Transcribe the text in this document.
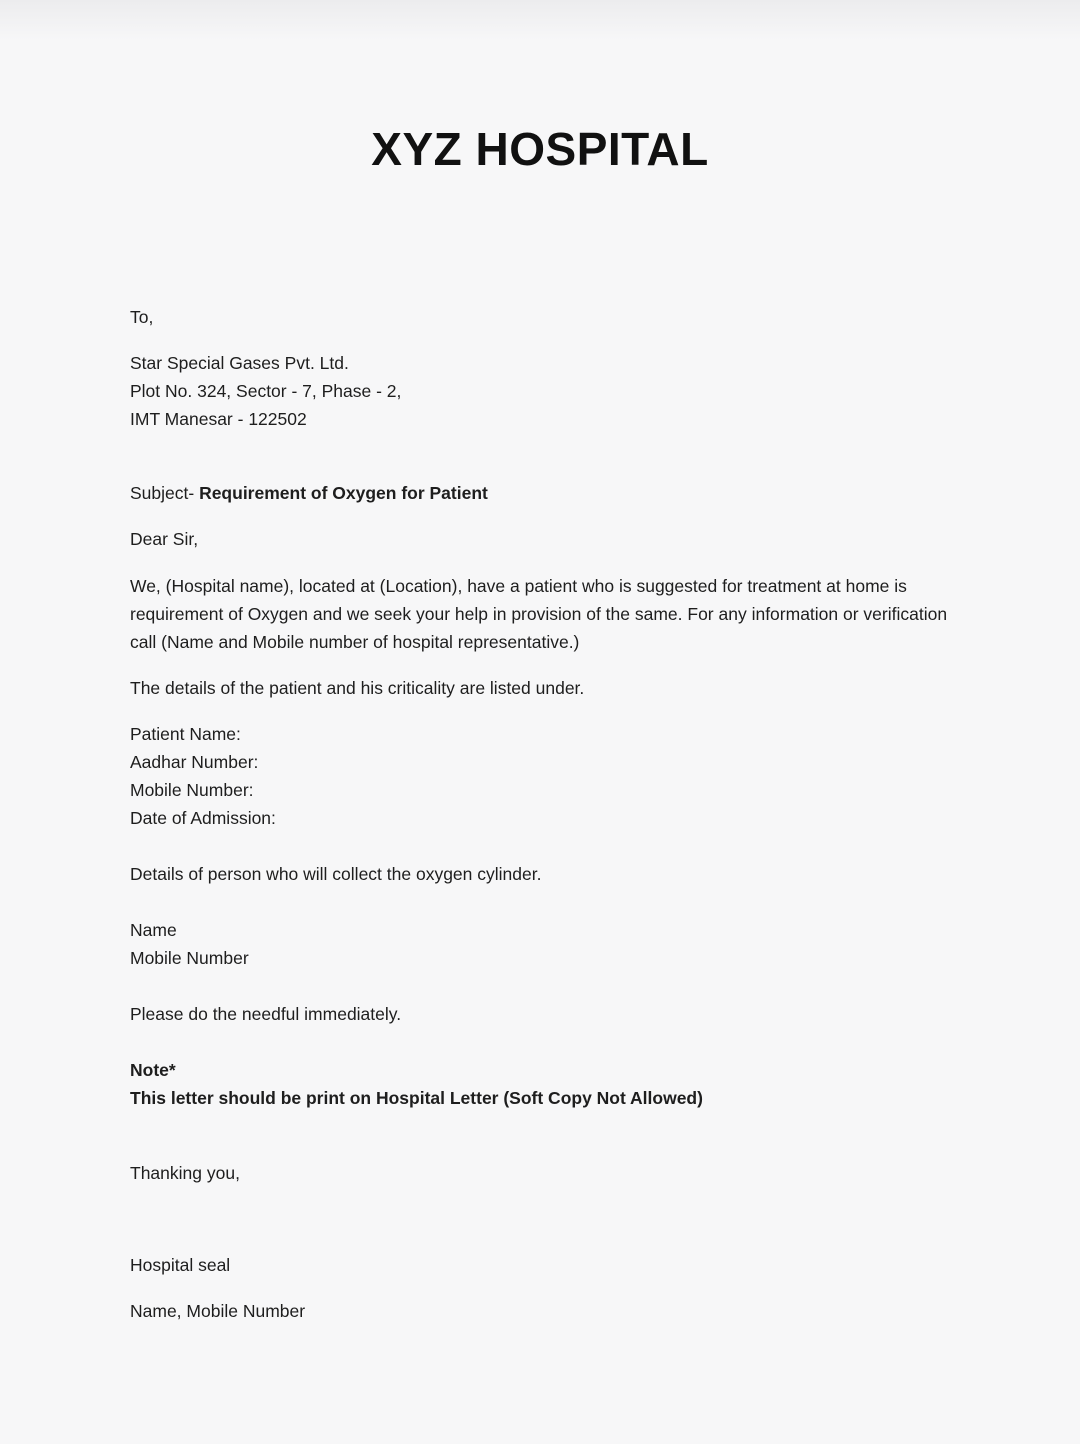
XYZ HOSPITAL
To,
Star Special Gases Pvt. Ltd.
Plot No. 324, Sector - 7, Phase - 2,
IMT Manesar - 122502
Subject- Requirement of Oxygen for Patient
Dear Sir,
We, (Hospital name), located at (Location), have a patient who is suggested for treatment at home is requirement of Oxygen and we seek your help in provision of the same. For any information or verification call (Name and Mobile number of hospital representative.)
The details of the patient and his criticality are listed under.
Patient Name:
Aadhar Number:
Mobile Number:
Date of Admission:
Details of person who will collect the oxygen cylinder.
Name
Mobile Number
Please do the needful immediately.
Note*
This letter should be print on Hospital Letter (Soft Copy Not Allowed)
Thanking you,
Hospital seal
Name, Mobile Number
